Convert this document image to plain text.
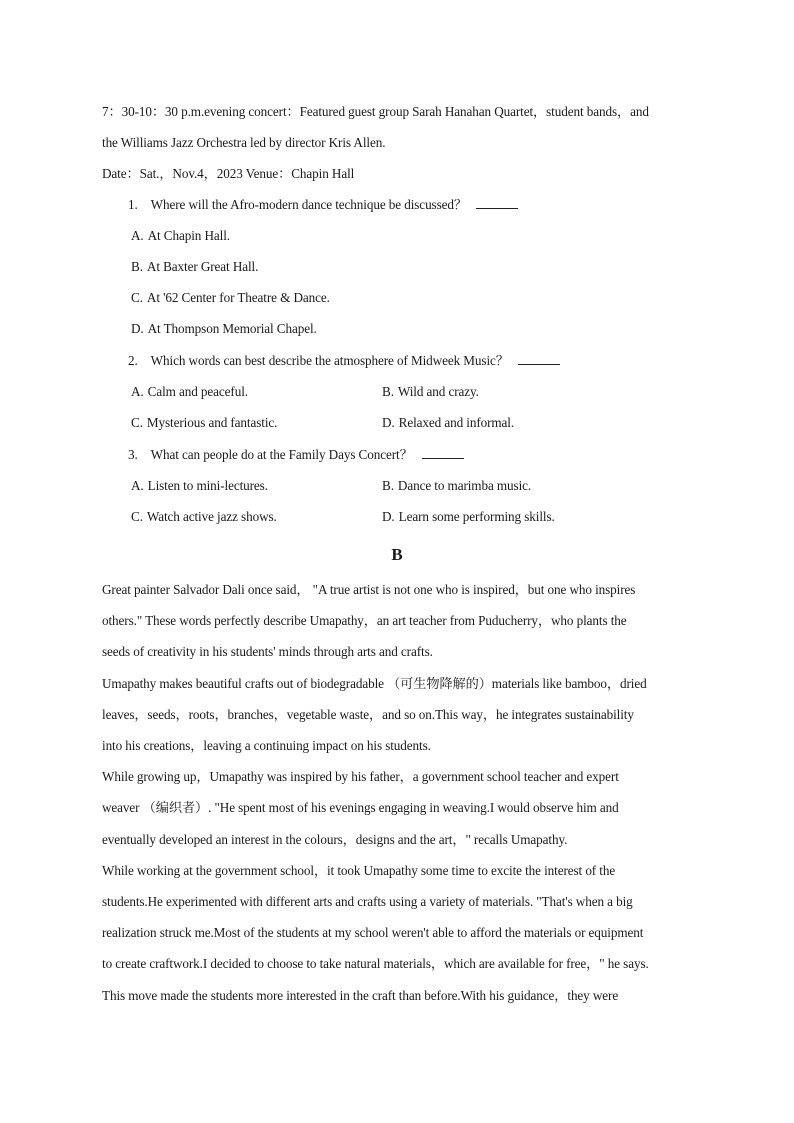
7：30-10：30 p.m.evening concert：Featured guest group Sarah Hanahan Quartet，student bands，and
the Williams Jazz Orchestra led by director Kris Allen.
Date：Sat.，Nov.4，2023 Venue：Chapin Hall
1. Where will the Afro-modern dance technique be discussed？
A. At Chapin Hall.
B. At Baxter Great Hall.
C. At '62 Center for Theatre & Dance.
D. At Thompson Memorial Chapel.
2. Which words can best describe the atmosphere of Midweek Music？
A. Calm and peaceful.	B. Wild and crazy.
C. Mysterious and fantastic.	D. Relaxed and informal.
3. What can people do at the Family Days Concert？
A. Listen to mini-lectures.	B. Dance to marimba music.
C. Watch active jazz shows.	D. Learn some performing skills.
B
Great painter Salvador Dali once said， "A true artist is not one who is inspired，but one who inspires
others." These words perfectly describe Umapathy，an art teacher from Puducherry，who plants the
seeds of creativity in his students' minds through arts and crafts.
Umapathy makes beautiful crafts out of biodegradable （可生物降解的）materials like bamboo，dried
leaves，seeds，roots，branches，vegetable waste，and so on.This way，he integrates sustainability
into his creations，leaving a continuing impact on his students.
While growing up，Umapathy was inspired by his father，a government school teacher and expert
weaver （编织者）. "He spent most of his evenings engaging in weaving.I would observe him and
eventually developed an interest in the colours，designs and the art，" recalls Umapathy.
While working at the government school，it took Umapathy some time to excite the interest of the
students.He experimented with different arts and crafts using a variety of materials. "That's when a big
realization struck me.Most of the students at my school weren't able to afford the materials or equipment
to create craftwork.I decided to choose to take natural materials，which are available for free，" he says.
This move made the students more interested in the craft than before.With his guidance，they were
